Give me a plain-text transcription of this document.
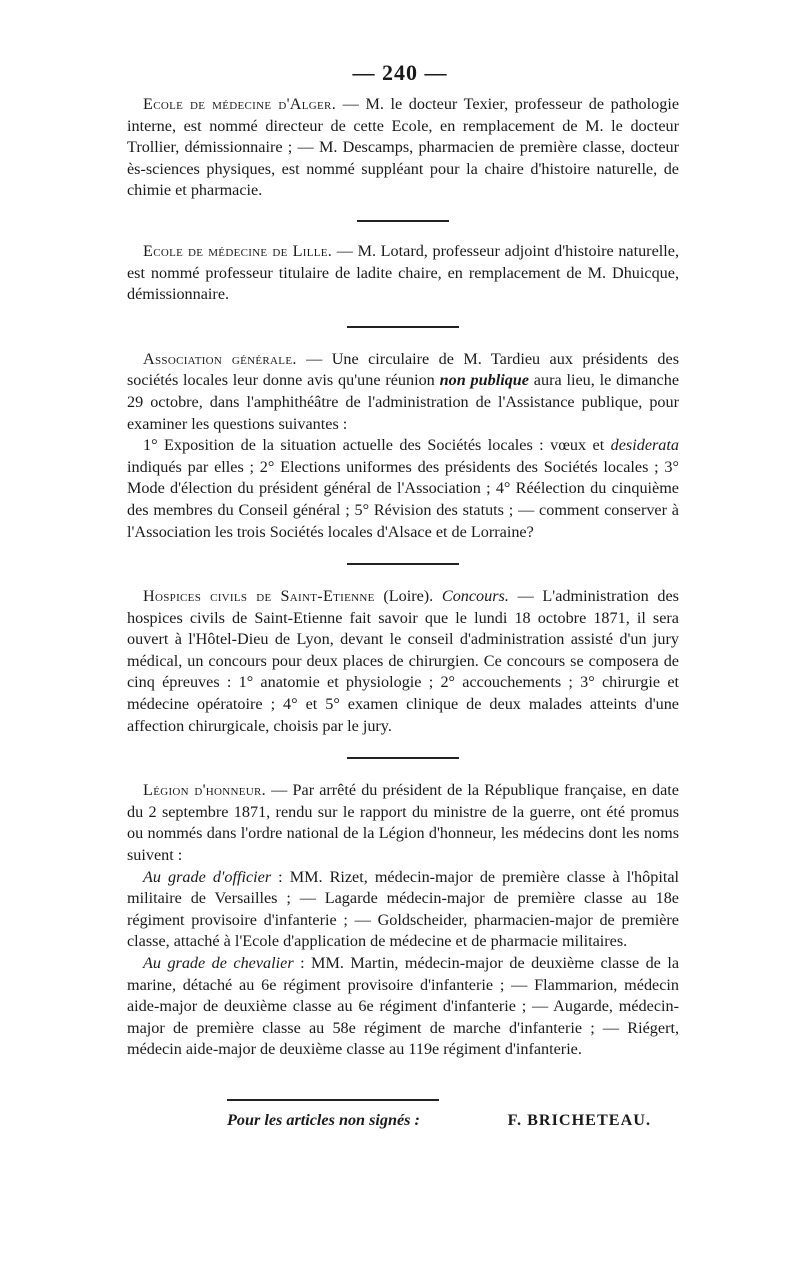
— 240 —

Ecole de médecine d'Alger. — M. le docteur Texier, professeur de pathologie interne, est nommé directeur de cette Ecole, en remplacement de M. le docteur Trollier, démissionnaire ; — M. Descamps, pharmacien de première classe, docteur ès-sciences physiques, est nommé suppléant pour la chaire d'histoire naturelle, de chimie et pharmacie.

Ecole de médecine de Lille. — M. Lotard, professeur adjoint d'histoire naturelle, est nommé professeur titulaire de ladite chaire, en remplacement de M. Dhuicque, démissionnaire.

Association générale. — Une circulaire de M. Tardieu aux présidents des sociétés locales leur donne avis qu'une réunion non publique aura lieu, le dimanche 29 octobre, dans l'amphithéâtre de l'administration de l'Assistance publique, pour examiner les questions suivantes :

1° Exposition de la situation actuelle des Sociétés locales : vœux et desiderata indiqués par elles ; 2° Elections uniformes des présidents des Sociétés locales ; 3° Mode d'élection du président général de l'Association ; 4° Réélection du cinquième des membres du Conseil général ; 5° Révision des statuts ; — comment conserver à l'Association les trois Sociétés locales d'Alsace et de Lorraine?

Hospices civils de Saint-Etienne (Loire). Concours. — L'administration des hospices civils de Saint-Etienne fait savoir que le lundi 18 octobre 1871, il sera ouvert à l'Hôtel-Dieu de Lyon, devant le conseil d'administration assisté d'un jury médical, un concours pour deux places de chirurgien. Ce concours se composera de cinq épreuves : 1° anatomie et physiologie ; 2° accouchements ; 3° chirurgie et médecine opératoire ; 4° et 5° examen clinique de deux malades atteints d'une affection chirurgicale, choisis par le jury.

Légion d'honneur. — Par arrêté du président de la République française, en date du 2 septembre 1871, rendu sur le rapport du ministre de la guerre, ont été promus ou nommés dans l'ordre national de la Légion d'honneur, les médecins dont les noms suivent :

Au grade d'officier : MM. Rizet, médecin-major de première classe à l'hôpital militaire de Versailles ; — Lagarde médecin-major de première classe au 18e régiment provisoire d'infanterie ; — Goldscheider, pharmacien-major de première classe, attaché à l'Ecole d'application de médecine et de pharmacie militaires.

Au grade de chevalier : MM. Martin, médecin-major de deuxième classe de la marine, détaché au 6e régiment provisoire d'infanterie ; — Flammarion, médecin aide-major de deuxième classe au 6e régiment d'infanterie ; — Augarde, médecin-major de première classe au 58e régiment de marche d'infanterie ; — Riégert, médecin aide-major de deuxième classe au 119e régiment d'infanterie.

Pour les articles non signés :	F. BRICHETEAU.
